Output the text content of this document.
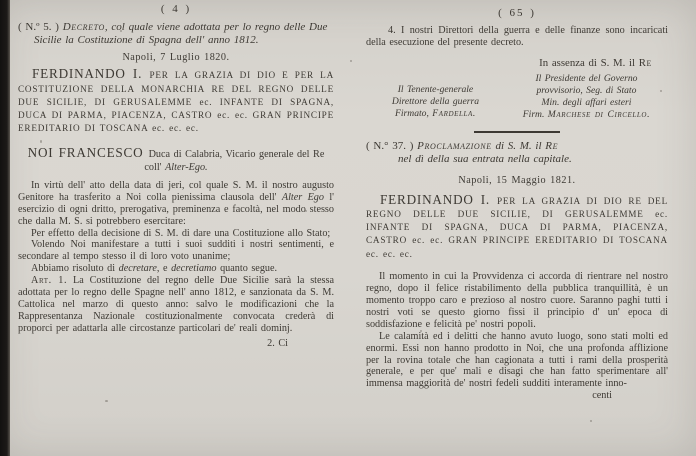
( 4 )
( N.º 5. ) Decreto, col quale viene adottata per lo regno delle Due Sicilie la Costituzione di Spagna dell' anno 1812.
Napoli, 7 Luglio 1820.

FERDINANDO I. PER LA GRAZIA DI DIO E PER LA COSTITUZIONE DELLA MONARCHIA RE DEL REGNO DELLE DUE SICILIE, DI GERUSALEMME ec. INFANTE DI SPAGNA, DUCA DI PARMA, PIACENZA, CASTRO ec. ec. GRAN PRINCIPE EREDITARIO DI TOSCANA ec. ec. ec.

NOI FRANCESCO Duca di Calabria, Vicario generale del Re coll' Alter-Ego.

In virtù dell' atto della data di jeri, col quale S. M. il nostro augusto Genitore ha trasferito a Noi colla pienissima clausola dell' Alter Ego l' esercizio di ogni dritto, prerogativa, preminenza e facoltà, nel modo stesso che dalla M. S. si potrebbero esercitare:

Per effetto della decisione di S. M. di dare una Costituzione allo Stato;

Volendo Noi manifestare a tutti i suoi sudditi i nostri sentimenti, e secondare al tempo stesso il di loro voto unanime;

Abbiamo risoluto di decretare, e decretiamo quanto segue.

Art. 1. La Costituzione del regno delle Due Sicilie sarà la stessa adottata per lo regno delle Spagne nell' anno 1812, e sanzionata da S. M. Cattolica nel marzo di questo anno: salvo le modificazioni che la Rappresentanza Nazionale costituzionalmente convocata crederà di proporci per adattarla alle circostanze particolari de' reali dominj.

2. Ci
( 65 )

4. I nostri Direttori della guerra e delle finanze sono incaricati della esecuzione del presente decreto.

In assenza di S. M. il Re
Il Tenente-generale
Direttore della guerra
Firmato, Fardella.
Il Presidente del Governo
provvisorio, Seg. di Stato
Min. degli affari esteri
Firm. Marchese di Circello.
( N.° 37. ) Proclamazione di S. M. il Re
nel dì della sua entrata nella capitale.
Napoli, 15 Maggio 1821.

FERDINANDO I. PER LA GRAZIA DI DIO RE DEL REGNO DELLE DUE SICILIE, DI GERUSALEMME ec. INFANTE DI SPAGNA, DUCA DI PARMA, PIACENZA, CASTRO ec. ec. GRAN PRINCIPE EREDITARIO DI TOSCANA ec. ec. ec.

Il momento in cui la Provvidenza ci accorda di rientrare nel nostro regno, dopo il felice ristabilimento della pubblica tranquillità, è un momento troppo caro e prezioso al nostro cuore. Saranno paghi tutti i nostri voti se questo giorno fissi il principio d' un' epoca di soddisfazione e felicità pe' nostri popoli.

Le calamità ed i delitti che hanno avuto luogo, sono stati molti ed enormi. Essi non hanno prodotto in Noi, che una profonda afflizione per la rovina totale che han cagionata a tutti i rami della prosperità generale, e per que' mali e disagi che han fatto sperimentare all' immensa maggiorità de' nostri fedeli sudditi interamente inno-

centi
